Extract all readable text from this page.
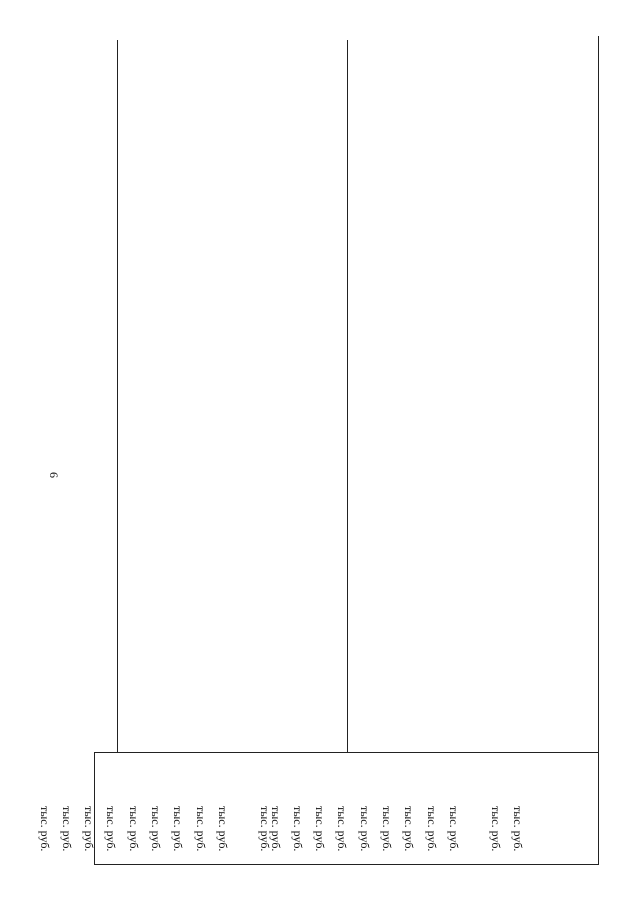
6
тыс. руб.
тыс. руб.
тыс. руб.
тыс. руб.
тыс. руб.
тыс. руб.
тыс. руб.
тыс. руб.
тыс. руб.
тыс. руб.
тыс. руб.
тыс. руб.
тыс. руб.
тыс. руб.
тыс. руб.
тыс. руб.
тыс. руб.
тыс. руб.
тыс. руб.
тыс. руб.
тыс. руб.
